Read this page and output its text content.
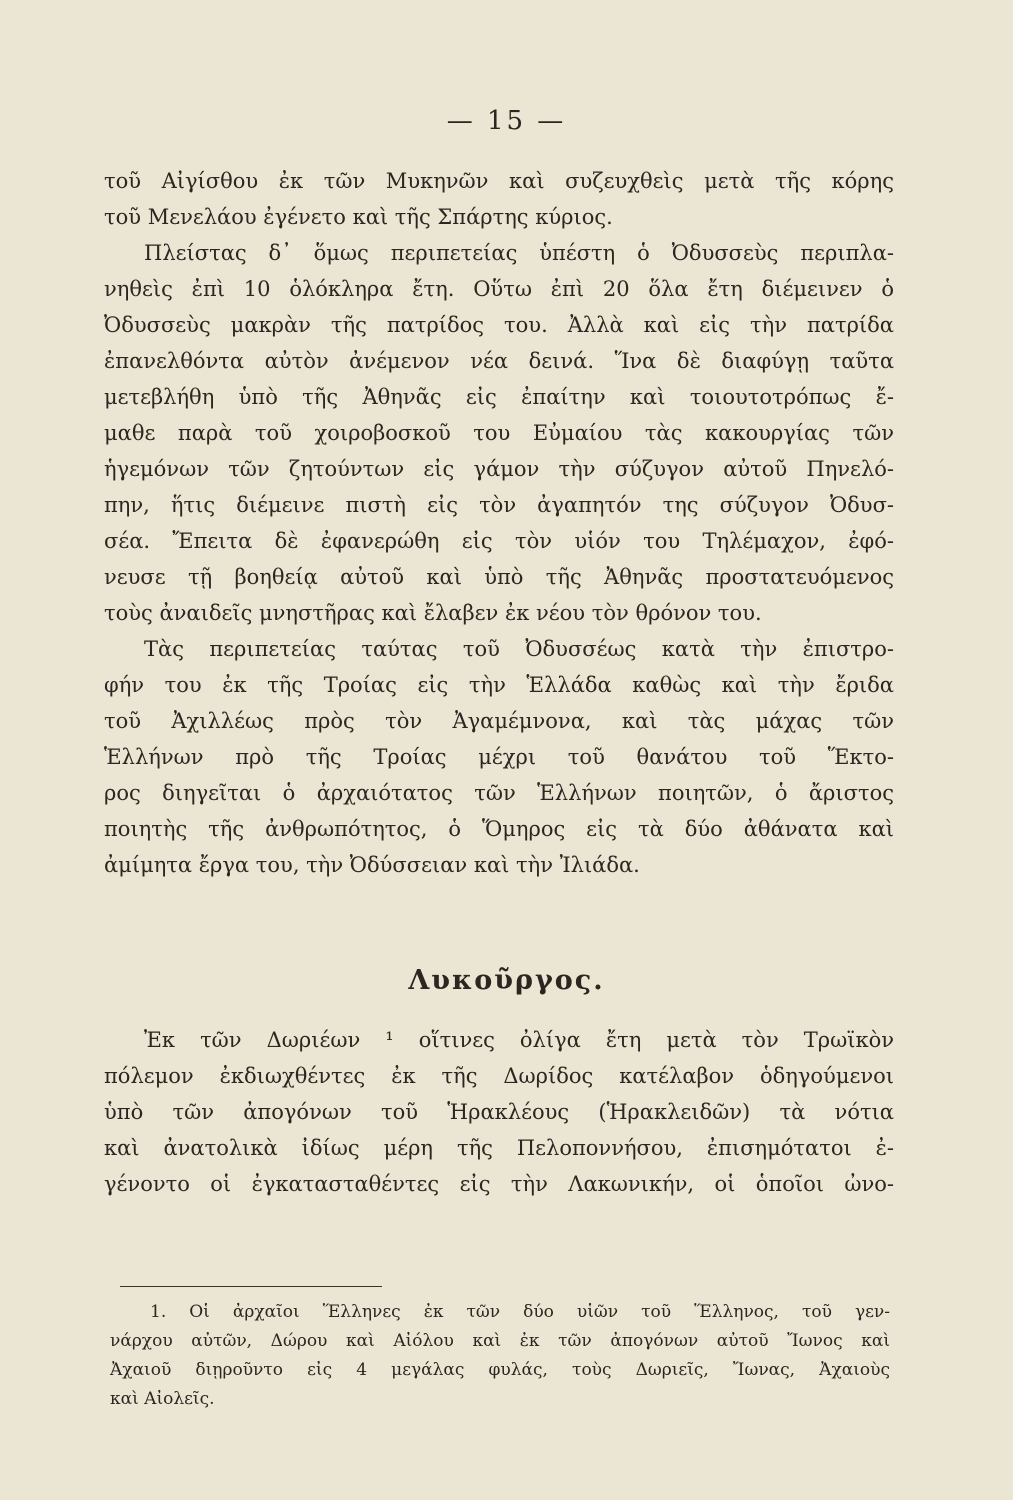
— 15 —
τοῦ Αἰγίσθου ἐκ τῶν Μυκηνῶν καὶ συζευχθεὶς μετὰ τῆς κόρης
τοῦ Μενελάου ἐγένετο καὶ τῆς Σπάρτης κύριος.
Πλείστας δ᾿ ὅμως περιπετείας ὑπέστη ὁ Ὀδυσσεὺς περιπλα-
νηθεὶς ἐπὶ 10 ὁλόκληρα ἔτη. Οὕτω ἐπὶ 20 ὅλα ἔτη διέμεινεν ὁ
Ὀδυσσεὺς μακρὰν τῆς πατρίδος του. Ἀλλὰ καὶ εἰς τὴν πατρίδα
ἐπανελθόντα αὐτὸν ἀνέμενον νέα δεινά. Ἵνα δὲ διαφύγῃ ταῦτα
μετεβλήθη ὑπὸ τῆς Ἀθηνᾶς εἰς ἐπαίτην καὶ τοιουτοτρόπως ἔ-
μαθε παρὰ τοῦ χοιροβοσκοῦ του Εὐμαίου τὰς κακουργίας τῶν
ἡγεμόνων τῶν ζητούντων εἰς γάμον τὴν σύζυγον αὐτοῦ Πηνελό-
πην, ἥτις διέμεινε πιστὴ εἰς τὸν ἀγαπητόν της σύζυγον Ὀδυσ-
σέα. Ἔπειτα δὲ ἐφανερώθη εἰς τὸν υἱόν του Τηλέμαχον, ἐφό-
νευσε τῇ βοηθείᾳ αὐτοῦ καὶ ὑπὸ τῆς Ἀθηνᾶς προστατευόμενος
τοὺς ἀναιδεῖς μνηστῆρας καὶ ἔλαβεν ἐκ νέου τὸν θρόνον του.
Τὰς περιπετείας ταύτας τοῦ Ὀδυσσέως κατὰ τὴν ἐπιστρο-
φήν του ἐκ τῆς Τροίας εἰς τὴν Ἑλλάδα καθὼς καὶ τὴν ἔριδα
τοῦ Ἀχιλλέως πρὸς τὸν Ἀγαμέμνονα, καὶ τὰς μάχας τῶν
Ἑλλήνων πρὸ τῆς Τροίας μέχρι τοῦ θανάτου τοῦ Ἕκτο-
ρος διηγεῖται ὁ ἀρχαιότατος τῶν Ἑλλήνων ποιητῶν, ὁ ἄριστος
ποιητὴς τῆς ἀνθρωπότητος, ὁ Ὅμηρος εἰς τὰ δύο ἀθάνατα καὶ
ἀμίμητα ἔργα του, τὴν Ὀδύσσειαν καὶ τὴν Ἰλιάδα.
Λυκοῦργος.
Ἐκ τῶν Δωριέων ¹ οἵτινες ὀλίγα ἔτη μετὰ τὸν Τρωϊκὸν
πόλεμον ἐκδιωχθέντες ἐκ τῆς Δωρίδος κατέλαβον ὁδηγούμενοι
ὑπὸ τῶν ἀπογόνων τοῦ Ἡρακλέους (Ἡρακλειδῶν) τὰ νότια
καὶ ἀνατολικὰ ἰδίως μέρη τῆς Πελοποννήσου, ἐπισημότατοι ἐ-
γένοντο οἱ ἐγκατασταθέντες εἰς τὴν Λακωνικήν, οἱ ὁποῖοι ὠνο-
1. Οἱ ἀρχαῖοι Ἕλληνες ἐκ τῶν δύο υἱῶν τοῦ Ἕλληνος, τοῦ γεν-
νάρχου αὐτῶν, Δώρου καὶ Αἰόλου καὶ ἐκ τῶν ἀπογόνων αὐτοῦ Ἴωνος καὶ
Ἀχαιοῦ διῃροῦντο εἰς 4 μεγάλας φυλάς, τοὺς Δωριεῖς, Ἴωνας, Ἀχαιοὺς
καὶ Αἰολεῖς.
